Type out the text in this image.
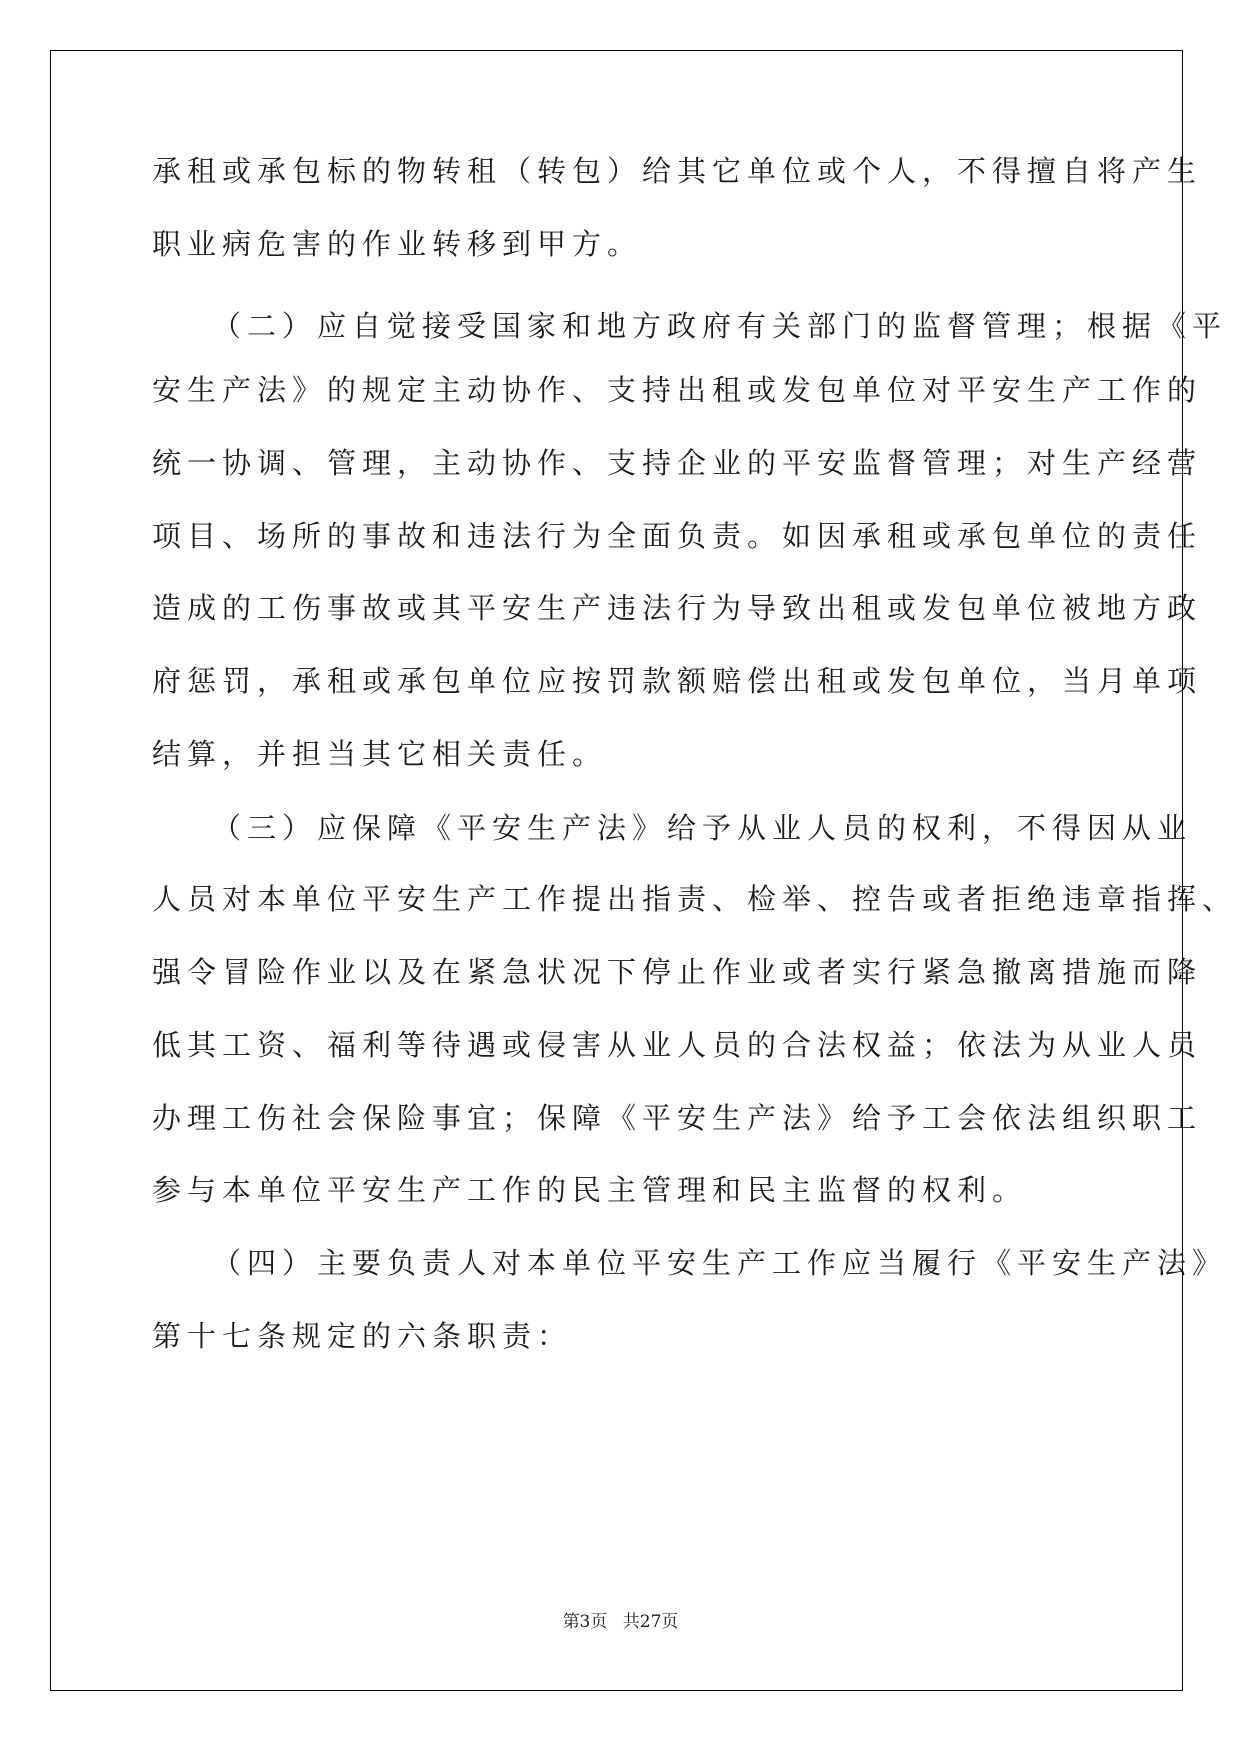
承租或承包标的物转租（转包）给其它单位或个人，不得擅自将产生

职业病危害的作业转移到甲方。

（二）应自觉接受国家和地方政府有关部门的监督管理；根据《平

安生产法》的规定主动协作、支持出租或发包单位对平安生产工作的

统一协调、管理，主动协作、支持企业的平安监督管理；对生产经营

项目、场所的事故和违法行为全面负责。如因承租或承包单位的责任

造成的工伤事故或其平安生产违法行为导致出租或发包单位被地方政

府惩罚，承租或承包单位应按罚款额赔偿出租或发包单位，当月单项

结算，并担当其它相关责任。

（三）应保障《平安生产法》给予从业人员的权利，不得因从业

人员对本单位平安生产工作提出指责、检举、控告或者拒绝违章指挥、

强令冒险作业以及在紧急状况下停止作业或者实行紧急撤离措施而降

低其工资、福利等待遇或侵害从业人员的合法权益；依法为从业人员

办理工伤社会保险事宜；保障《平安生产法》给予工会依法组织职工

参与本单位平安生产工作的民主管理和民主监督的权利。

（四）主要负责人对本单位平安生产工作应当履行《平安生产法》

第十七条规定的六条职责：

第3页 共27页
